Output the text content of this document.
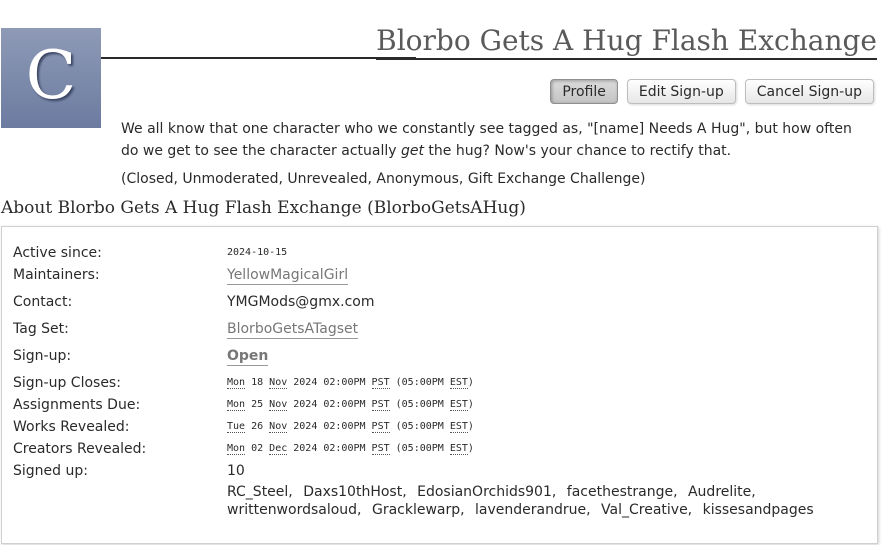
C	Blorbo Gets A Hug Flash Exchange
Profile	Edit Sign-up	Cancel Sign-up

We all know that one character who we constantly see tagged as, "[name] Needs A Hug", but how often do we get to see the character actually get the hug? Now's your chance to rectify that.

(Closed, Unmoderated, Unrevealed, Anonymous, Gift Exchange Challenge)

About Blorbo Gets A Hug Flash Exchange (BlorboGetsAHug)
Active since:	2024-10-15
Maintainers:	YellowMagicalGirl
Contact:	YMGMods@gmx.com
Tag Set:	BlorboGetsATagset
Sign-up:	Open
Sign-up Closes:	Mon 18 Nov 2024 02:00PM PST (05:00PM EST)
Assignments Due:	Mon 25 Nov 2024 02:00PM PST (05:00PM EST)
Works Revealed:	Tue 26 Nov 2024 02:00PM PST (05:00PM EST)
Creators Revealed:	Mon 02 Dec 2024 02:00PM PST (05:00PM EST)
Signed up:	10
RC_Steel, Daxs10thHost, EdosianOrchids901, facethestrange, Audrelite, writtenwordsaloud, Gracklewarp, lavenderandrue, Val_Creative, kissesandpages
